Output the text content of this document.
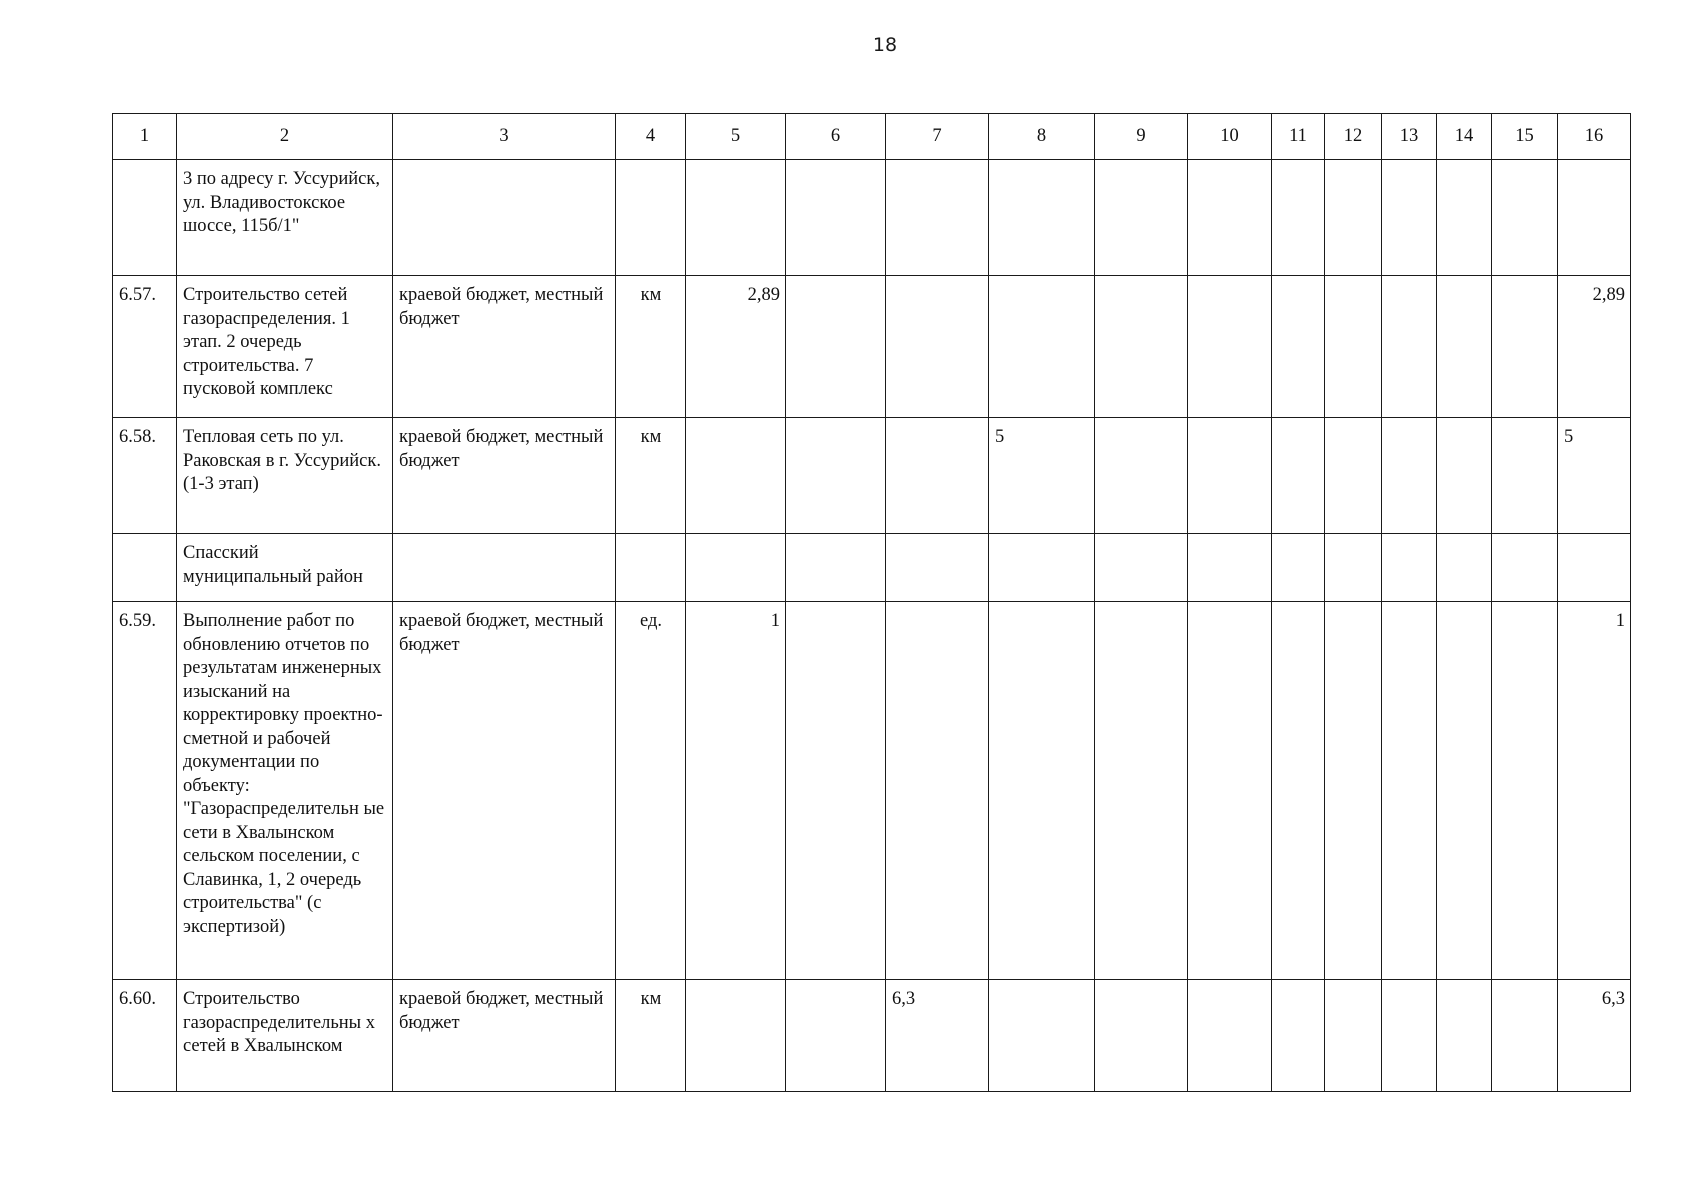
18
1	2	3	4	5	6	7	8	9	10	11	12	13	14	15	16
	3 по адресу г. Уссурийск, ул. Владивостокское шоссе, 115б/1"														
6.57.	Строительство сетей газораспределения. 1 этап. 2 очередь строительства. 7 пусковой комплекс	краевой бюджет, местный бюджет	км	2,89											2,89
6.58.	Тепловая сеть по ул. Раковская в г. Уссурийск. (1-3 этап)	краевой бюджет, местный бюджет	км				5								5
	Спасский муниципальный район														
6.59.	Выполнение работ по обновлению отчетов по результатам инженерных изысканий на корректировку проектно-сметной и рабочей документации по объекту: "Газораспределительн ые сети в Хвалынском сельском поселении, с Славинка, 1, 2 очередь строительства" (с экспертизой)	краевой бюджет, местный бюджет	ед.	1											1
6.60.	Строительство газораспределительны х сетей в Хвалынском	краевой бюджет, местный бюджет	км			6,3									6,3
